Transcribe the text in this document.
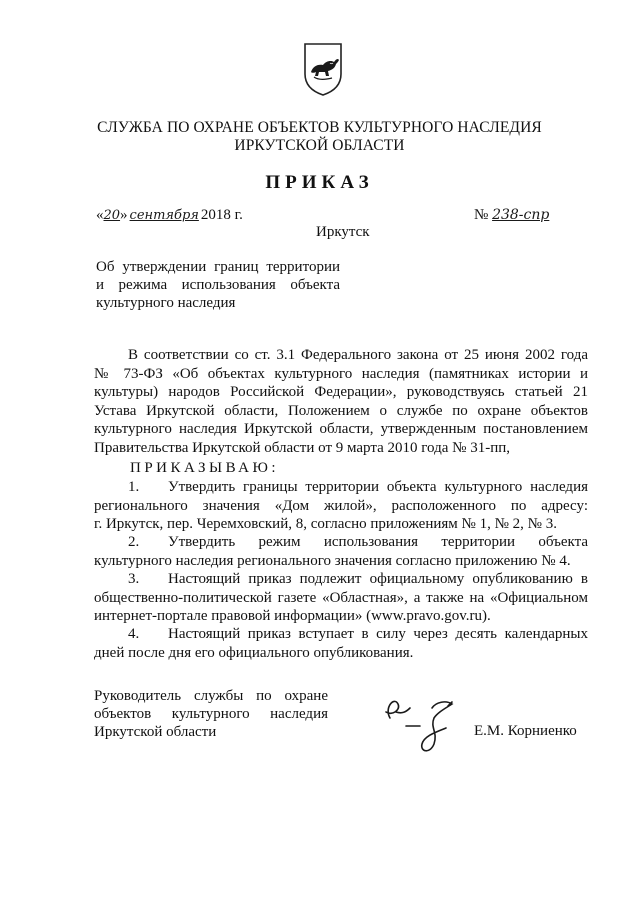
СЛУЖБА ПО ОХРАНЕ ОБЪЕКТОВ КУЛЬТУРНОГО НАСЛЕДИЯ
ИРКУТСКОЙ ОБЛАСТИ
ПРИКАЗ
«20» сентября 2018 г.	№ 238-спр
Иркутск
Об утверждении границ территории
и режима использования объекта
культурного наследия
В соответствии со ст. 3.1 Федерального закона от 25 июня 2002 года
№ 73-ФЗ «Об объектах культурного наследия (памятниках истории и
культуры) народов Российской Федерации», руководствуясь статьей 21
Устава Иркутской области, Положением о службе по охране объектов
культурного наследия Иркутской области, утвержденным постановлением
Правительства Иркутской области от 9 марта 2010 года № 31-пп,
ПРИКАЗЫВАЮ:
1. Утвердить границы территории объекта культурного наследия
регионального значения «Дом жилой», расположенного по адресу:
г. Иркутск, пер. Черемховский, 8, согласно приложениям № 1, № 2, № 3.
2. Утвердить режим использования территории объекта
культурного наследия регионального значения согласно приложению № 4.
3. Настоящий приказ подлежит официальному опубликованию в
общественно-политической газете «Областная», а также на «Официальном
интернет-портале правовой информации» (www.pravo.gov.ru).
4. Настоящий приказ вступает в силу через десять календарных
дней после дня его официального опубликования.
Руководитель службы по охране
объектов культурного наследия
Иркутской области	Е.М. Корниенко
